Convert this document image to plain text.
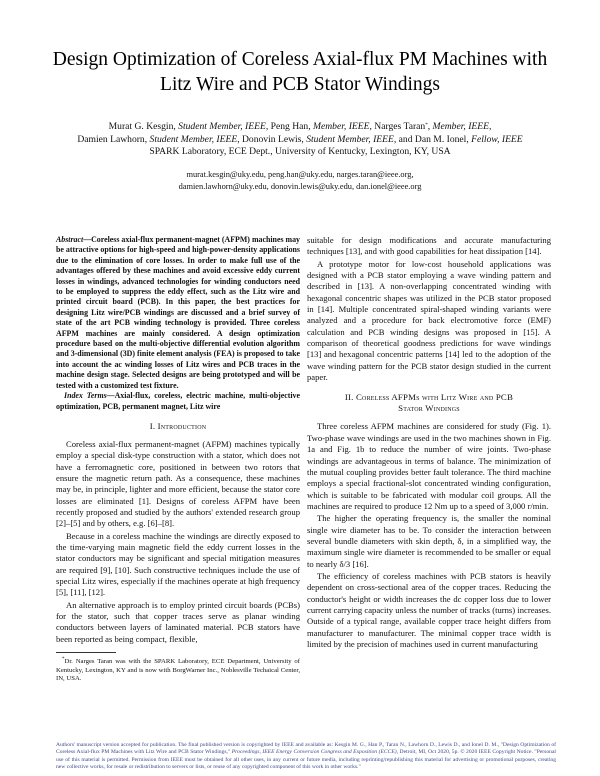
Design Optimization of Coreless Axial-flux PM Machines with Litz Wire and PCB Stator Windings
Murat G. Kesgin, Student Member, IEEE, Peng Han, Member, IEEE, Narges Taran*, Member, IEEE,
Damien Lawhorn, Student Member, IEEE, Donovin Lewis, Student Member, IEEE, and Dan M. Ionel, Fellow, IEEE
SPARK Laboratory, ECE Dept., University of Kentucky, Lexington, KY, USA
murat.kesgin@uky.edu, peng.han@uky.edu, narges.taran@ieee.org,
damien.lawhorn@uky.edu, donovin.lewis@uky.edu, dan.ionel@ieee.org
Abstract—Coreless axial-flux permanent-magnet (AFPM) machines may be attractive options for high-speed and high-power-density applications due to the elimination of core losses. In order to make full use of the advantages offered by these machines and avoid excessive eddy current losses in windings, advanced technologies for winding conductors need to be employed to suppress the eddy effect, such as the Litz wire and printed circuit board (PCB). In this paper, the best practices for designing Litz wire/PCB windings are discussed and a brief survey of state of the art PCB winding technology is provided. Three coreless AFPM machines are mainly considered. A design optimization procedure based on the multi-objective differential evolution algorithm and 3-dimensional (3D) finite element analysis (FEA) is proposed to take into account the ac winding losses of Litz wires and PCB traces in the machine design stage. Selected designs are being prototyped and will be tested with a customized test fixture.
Index Terms—Axial-flux, coreless, electric machine, multi-objective optimization, PCB, permanent magnet, Litz wire
I. Introduction

Coreless axial-flux permanent-magnet (AFPM) machines typically employ a special disk-type construction with a stator, which does not have a ferromagnetic core, positioned in between two rotors that ensure the magnetic return path. As a consequence, these machines may be, in principle, lighter and more efficient, because the stator core losses are eliminated [1]. Designs of coreless AFPM have been recently proposed and studied by the authors' extended research group [2]–[5] and by others, e.g. [6]–[8].

Because in a coreless machine the windings are directly exposed to the time-varying main magnetic field the eddy current losses in the stator conductors may be significant and special mitigation measures are required [9], [10]. Such constructive techniques include the use of special Litz wires, especially if the machines operate at high frequency [5], [11], [12].

An alternative approach is to employ printed circuit boards (PCBs) for the stator, such that copper traces serve as planar winding conductors between layers of laminated material. PCB stators have been reported as being compact, flexible,

*Dr. Narges Taran was with the SPARK Laboratory, ECE Department, University of Kentucky, Lexington, KY and is now with BorgWarner Inc., Noblesville Techaical Center, IN, USA.

suitable for design modifications and accurate manufacturing techniques [13], and with good capabilities for heat dissipation [14].

A prototype motor for low-cost household applications was designed with a PCB stator employing a wave winding pattern and described in [13]. A non-overlapping concentrated winding with hexagonal concentric shapes was utilized in the PCB stator proposed in [14]. Multiple concentrated spiral-shaped winding variants were analyzed and a procedure for back electromotive force (EMF) calculation and PCB winding designs was proposed in [15]. A comparison of theoretical goodness predictions for wave windings [13] and hexagonal concentric patterns [14] led to the adoption of the wave winding pattern for the PCB stator design studied in the current paper.

II. Coreless AFPMs with Litz Wire and PCB
Stator Windings

Three coreless AFPM machines are considered for study (Fig. 1). Two-phase wave windings are used in the two machines shown in Fig. 1a and Fig. 1b to reduce the number of wire joints. Two-phase windings are advantageous in terms of balance. The minimization of the mutual coupling provides better fault tolerance. The third machine employs a special fractional-slot concentrated winding configuration, which is suitable to be fabricated with modular coil groups. All the machines are required to produce 12 Nm up to a speed of 3,000 r/min.

The higher the operating frequency is, the smaller the nominal single wire diameter has to be. To consider the interaction between several bundle diameters with skin depth, δ, in a simplified way, the maximum single wire diameter is recommended to be smaller or equal to nearly δ/3 [16].

The efficiency of coreless machines with PCB stators is heavily dependent on cross-sectional area of the copper traces. Reducing the conductor's height or width increases the dc copper loss due to lower current carrying capacity unless the number of tracks (turns) increases. Outside of a typical range, available copper trace height differs from manufacturer to manufacturer. The minimal copper trace width is limited by the precision of machines used in current manufacturing

Authors' manuscript version accepted for publication. The final published version is copyrighted by IEEE and available as: Kesgin M. G., Han P., Taran N., Lawhorn D., Lewis D., and Ionel D. M., "Design Optimization of Coreless Axial-flux PM Machines with Litz Wire and PCB Stator Windings," Proceedings, IEEE Energy Conversion Congress and Exposition (ECCE), Detroit, MI, Oct 2020, 5p. © 2020 IEEE Copyright Notice. "Personal use of this material is permitted. Permission from IEEE must be obtained for all other uses, in any current or future media, including reprinting/republishing this material for advertising or promotional purposes, creating new collective works, for resale or redistribution to servers or lists, or reuse of any copyrighted component of this work in other works."
